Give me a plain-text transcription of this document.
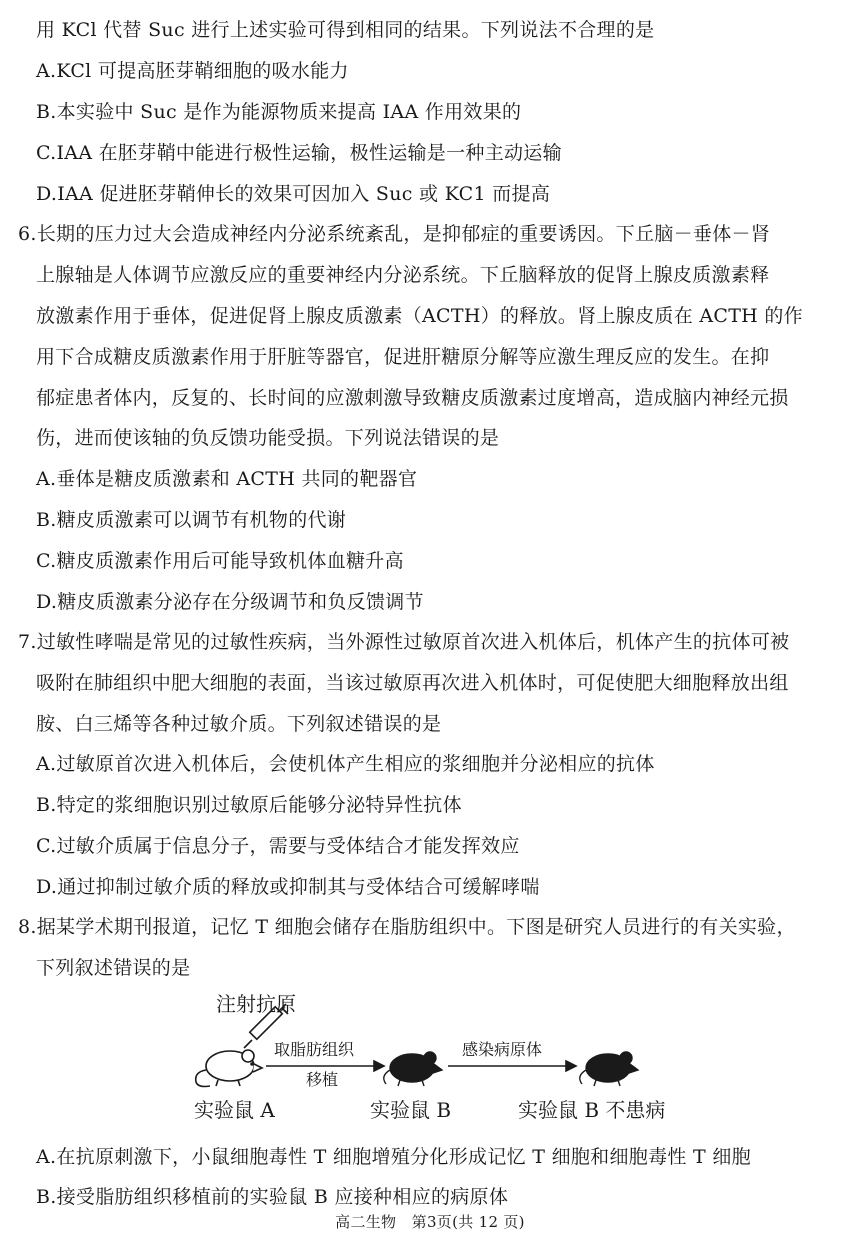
用 KCl 代替 Suc 进行上述实验可得到相同的结果。下列说法不合理的是
A.KCl 可提高胚芽鞘细胞的吸水能力
B.本实验中 Suc 是作为能源物质来提高 IAA 作用效果的
C.IAA 在胚芽鞘中能进行极性运输，极性运输是一种主动运输
D.IAA 促进胚芽鞘伸长的效果可因加入 Suc 或 KC1 而提高
6.长期的压力过大会造成神经内分泌系统紊乱，是抑郁症的重要诱因。下丘脑－垂体－肾
上腺轴是人体调节应激反应的重要神经内分泌系统。下丘脑释放的促肾上腺皮质激素释
放激素作用于垂体，促进促肾上腺皮质激素（ACTH）的释放。肾上腺皮质在 ACTH 的作
用下合成糖皮质激素作用于肝脏等器官，促进肝糖原分解等应激生理反应的发生。在抑
郁症患者体内，反复的、长时间的应激刺激导致糖皮质激素过度增高，造成脑内神经元损
伤，进而使该轴的负反馈功能受损。下列说法错误的是
A.垂体是糖皮质激素和 ACTH 共同的靶器官
B.糖皮质激素可以调节有机物的代谢
C.糖皮质激素作用后可能导致机体血糖升高
D.糖皮质激素分泌存在分级调节和负反馈调节
7.过敏性哮喘是常见的过敏性疾病，当外源性过敏原首次进入机体后，机体产生的抗体可被
吸附在肺组织中肥大细胞的表面，当该过敏原再次进入机体时，可促使肥大细胞释放出组
胺、白三烯等各种过敏介质。下列叙述错误的是
A.过敏原首次进入机体后，会使机体产生相应的浆细胞并分泌相应的抗体
B.特定的浆细胞识别过敏原后能够分泌特异性抗体
C.过敏介质属于信息分子，需要与受体结合才能发挥效应
D.通过抑制过敏介质的释放或抑制其与受体结合可缓解哮喘
8.据某学术期刊报道，记忆 T 细胞会储存在脂肪组织中。下图是研究人员进行的有关实验，
下列叙述错误的是
注射抗原
取脂肪组织
移植
感染病原体
实验鼠 A	实验鼠 B	实验鼠 B 不患病
A.在抗原刺激下，小鼠细胞毒性 T 细胞增殖分化形成记忆 T 细胞和细胞毒性 T 细胞
B.接受脂肪组织移植前的实验鼠 B 应接种相应的病原体
高二生物　第3页(共 12 页)
